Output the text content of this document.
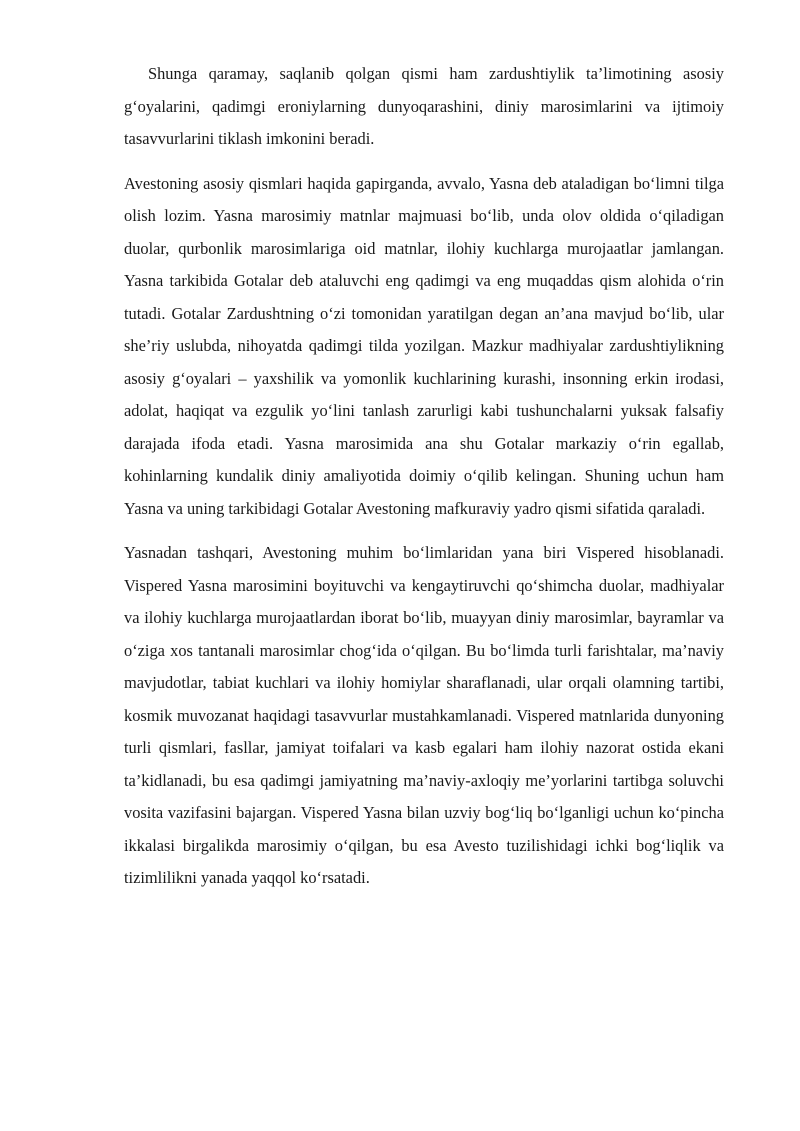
Shunga qaramay, saqlanib qolgan qismi ham zardushtiylik ta’limotining asosiy g‘oyalarini, qadimgi eroniylarning dunyoqarashini, diniy marosimlarini va ijtimoiy tasavvurlarini tiklash imkonini beradi.

Avestoning asosiy qismlari haqida gapirganda, avvalo, Yasna deb ataladigan bo‘limni tilga olish lozim. Yasna marosimiy matnlar majmuasi bo‘lib, unda olov oldida o‘qiladigan duolar, qurbonlik marosimlariga oid matnlar, ilohiy kuchlarga murojaatlar jamlangan. Yasna tarkibida Gotalar deb ataluvchi eng qadimgi va eng muqaddas qism alohida o‘rin tutadi. Gotalar Zardushtning o‘zi tomonidan yaratilgan degan an’ana mavjud bo‘lib, ular she’riy uslubda, nihoyatda qadimgi tilda yozilgan. Mazkur madhiyalar zardushtiylikning asosiy g‘oyalari – yaxshilik va yomonlik kuchlarining kurashi, insonning erkin irodasi, adolat, haqiqat va ezgulik yo‘lini tanlash zarurligi kabi tushunchalarni yuksak falsafiy darajada ifoda etadi. Yasna marosimida ana shu Gotalar markaziy o‘rin egallab, kohinlarning kundalik diniy amaliyotida doimiy o‘qilib kelingan. Shuning uchun ham Yasna va uning tarkibidagi Gotalar Avestoning mafkuraviy yadro qismi sifatida qaraladi.

Yasnadan tashqari, Avestoning muhim bo‘limlaridan yana biri Vispered hisoblanadi. Vispered Yasna marosimini boyituvchi va kengaytiruvchi qo‘shimcha duolar, madhiyalar va ilohiy kuchlarga murojaatlardan iborat bo‘lib, muayyan diniy marosimlar, bayramlar va o‘ziga xos tantanali marosimlar chog‘ida o‘qilgan. Bu bo‘limda turli farishtalar, ma’naviy mavjudotlar, tabiat kuchlari va ilohiy homiylar sharaflanadi, ular orqali olamning tartibi, kosmik muvozanat haqidagi tasavvurlar mustahkamlanadi. Vispered matnlarida dunyoning turli qismlari, fasllar, jamiyat toifalari va kasb egalari ham ilohiy nazorat ostida ekani ta’kidlanadi, bu esa qadimgi jamiyatning ma’naviy-axloqiy me’yorlarini tartibga soluvchi vosita vazifasini bajargan. Vispered Yasna bilan uzviy bog‘liq bo‘lganligi uchun ko‘pincha ikkalasi birgalikda marosimiy o‘qilgan, bu esa Avesto tuzilishidagi ichki bog‘liqlik va tizimlilikni yanada yaqqol ko‘rsatadi.
